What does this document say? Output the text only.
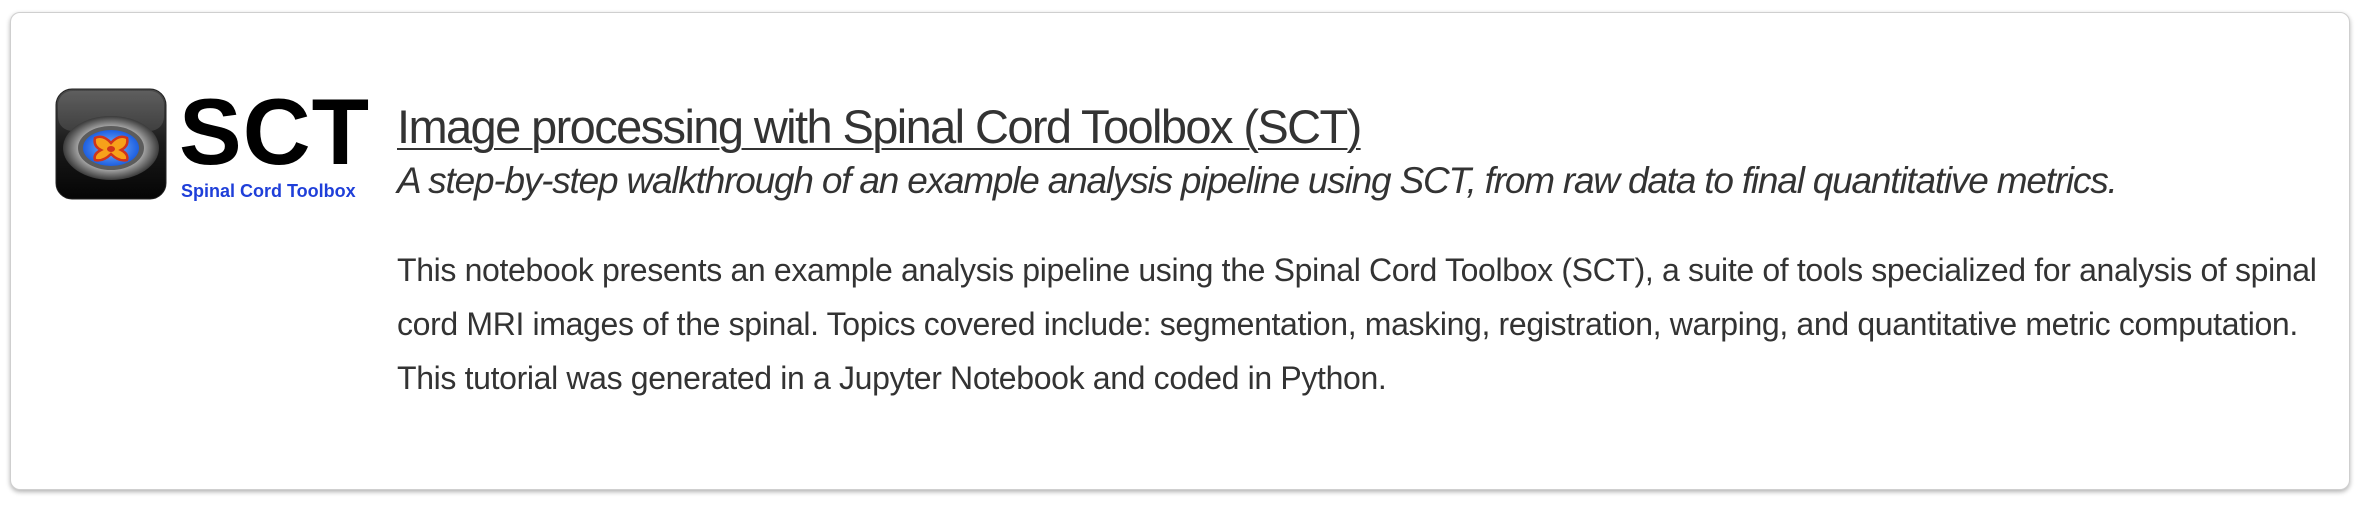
SCT
Spinal Cord Toolbox
Image processing with Spinal Cord Toolbox (SCT)

A step-by-step walkthrough of an example analysis pipeline using SCT, from raw data to final quantitative metrics.

This notebook presents an example analysis pipeline using the Spinal Cord Toolbox (SCT), a suite of tools specialized for analysis of spinal cord MRI images of the spinal. Topics covered include: segmentation, masking, registration, warping, and quantitative metric computation. This tutorial was generated in a Jupyter Notebook and coded in Python.
